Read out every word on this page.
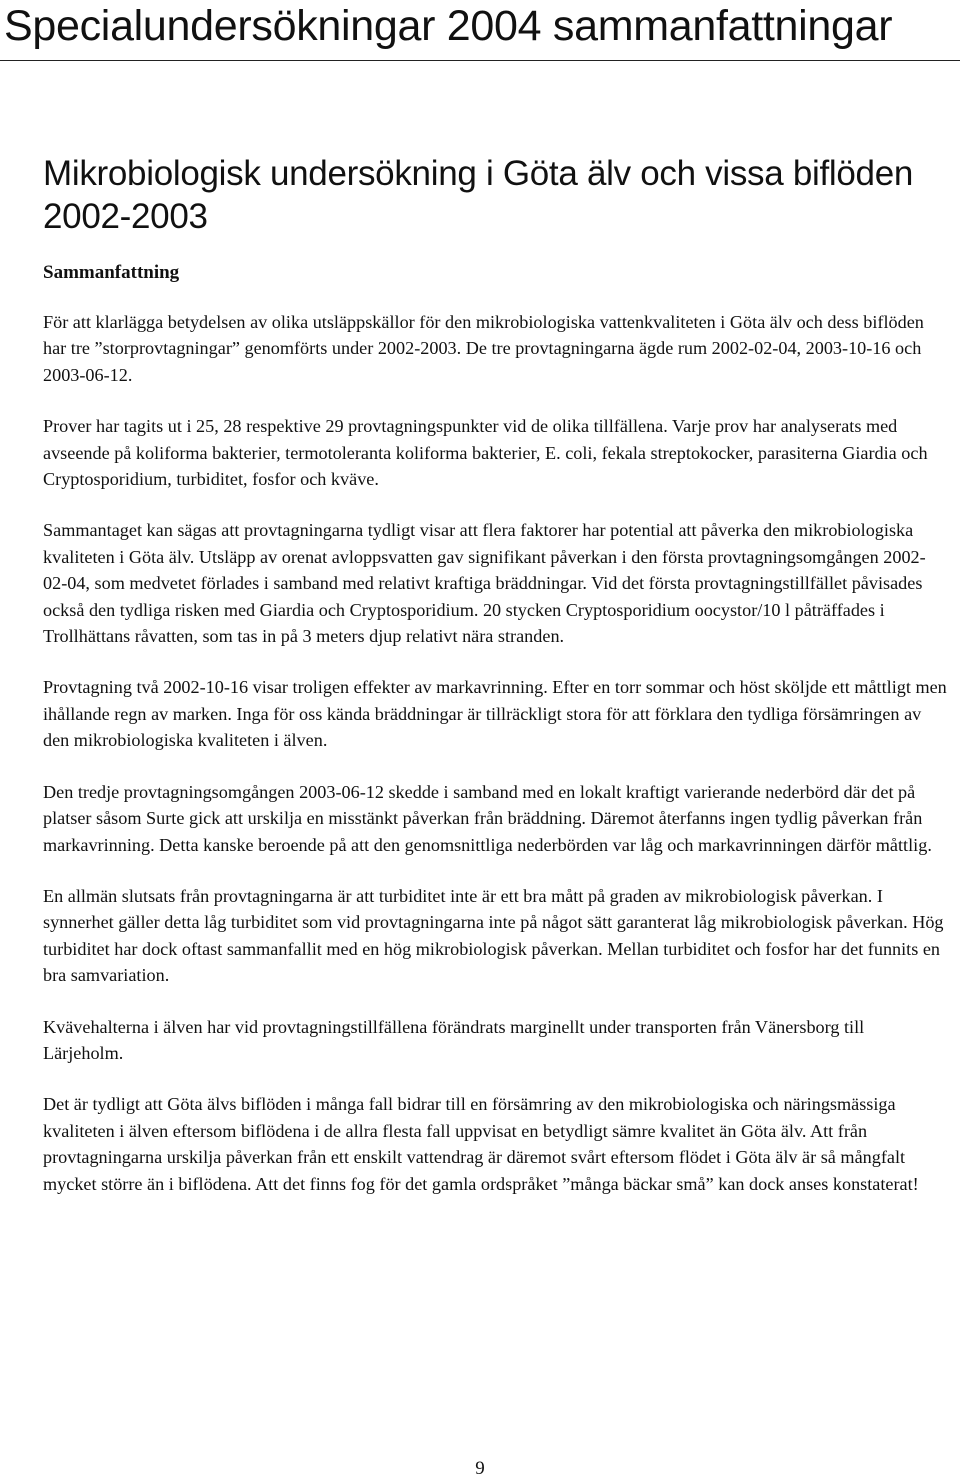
Specialundersökningar 2004 sammanfattningar
Mikrobiologisk undersökning i Göta älv och vissa biflöden 2002-2003
Sammanfattning

För att klarlägga betydelsen av olika utsläppskällor för den mikrobiologiska vattenkvaliteten i Göta älv och dess biflöden har tre ”storprovtagningar” genomförts under 2002-2003. De tre provtagningarna ägde rum 2002-02-04, 2003-10-16 och 2003-06-12.

Prover har tagits ut i 25, 28 respektive 29 provtagningspunkter vid de olika tillfällena. Varje prov har analyserats med avseende på koliforma bakterier, termotoleranta koliforma bakterier, E. coli, fekala streptokocker, parasiterna Giardia och Cryptosporidium, turbiditet, fosfor och kväve.

Sammantaget kan sägas att provtagningarna tydligt visar att flera faktorer har potential att påverka den mikrobiologiska kvaliteten i Göta älv. Utsläpp av orenat avloppsvatten gav signifikant påverkan i den första provtagningsomgången 2002-02-04, som medvetet förlades i samband med relativt kraftiga bräddningar. Vid det första provtagningstillfället påvisades också den tydliga risken med Giardia och Cryptosporidium. 20 stycken Cryptosporidium oocystor/10 l påträffades i Trollhättans råvatten, som tas in på 3 meters djup relativt nära stranden.

Provtagning två 2002-10-16 visar troligen effekter av markavrinning. Efter en torr sommar och höst sköljde ett måttligt men ihållande regn av marken. Inga för oss kända bräddningar är tillräckligt stora för att förklara den tydliga försämringen av den mikrobiologiska kvaliteten i älven.

Den tredje provtagningsomgången 2003-06-12 skedde i samband med en lokalt kraftigt varierande nederbörd där det på platser såsom Surte gick att urskilja en misstänkt påverkan från bräddning. Däremot återfanns ingen tydlig påverkan från markavrinning. Detta kanske beroende på att den genomsnittliga nederbörden var låg och markavrinningen därför måttlig.

En allmän slutsats från provtagningarna är att turbiditet inte är ett bra mått på graden av mikrobiologisk påverkan. I synnerhet gäller detta låg turbiditet som vid provtagningarna inte på något sätt garanterat låg mikrobiologisk påverkan. Hög turbiditet har dock oftast sammanfallit med en hög mikrobiologisk påverkan. Mellan turbiditet och fosfor har det funnits en bra samvariation.

Kvävehalterna i älven har vid provtagningstillfällena förändrats marginellt under transporten från Vänersborg till Lärjeholm.

Det är tydligt att Göta älvs biflöden i många fall bidrar till en försämring av den mikrobiologiska och näringsmässiga kvaliteten i älven eftersom biflödena i de allra flesta fall uppvisat en betydligt sämre kvalitet än Göta älv. Att från provtagningarna urskilja påverkan från ett enskilt vattendrag är däremot svårt eftersom flödet i Göta älv är så mångfalt mycket större än i biflödena. Att det finns fog för det gamla ordspråket ”många bäckar små” kan dock anses konstaterat!

9
